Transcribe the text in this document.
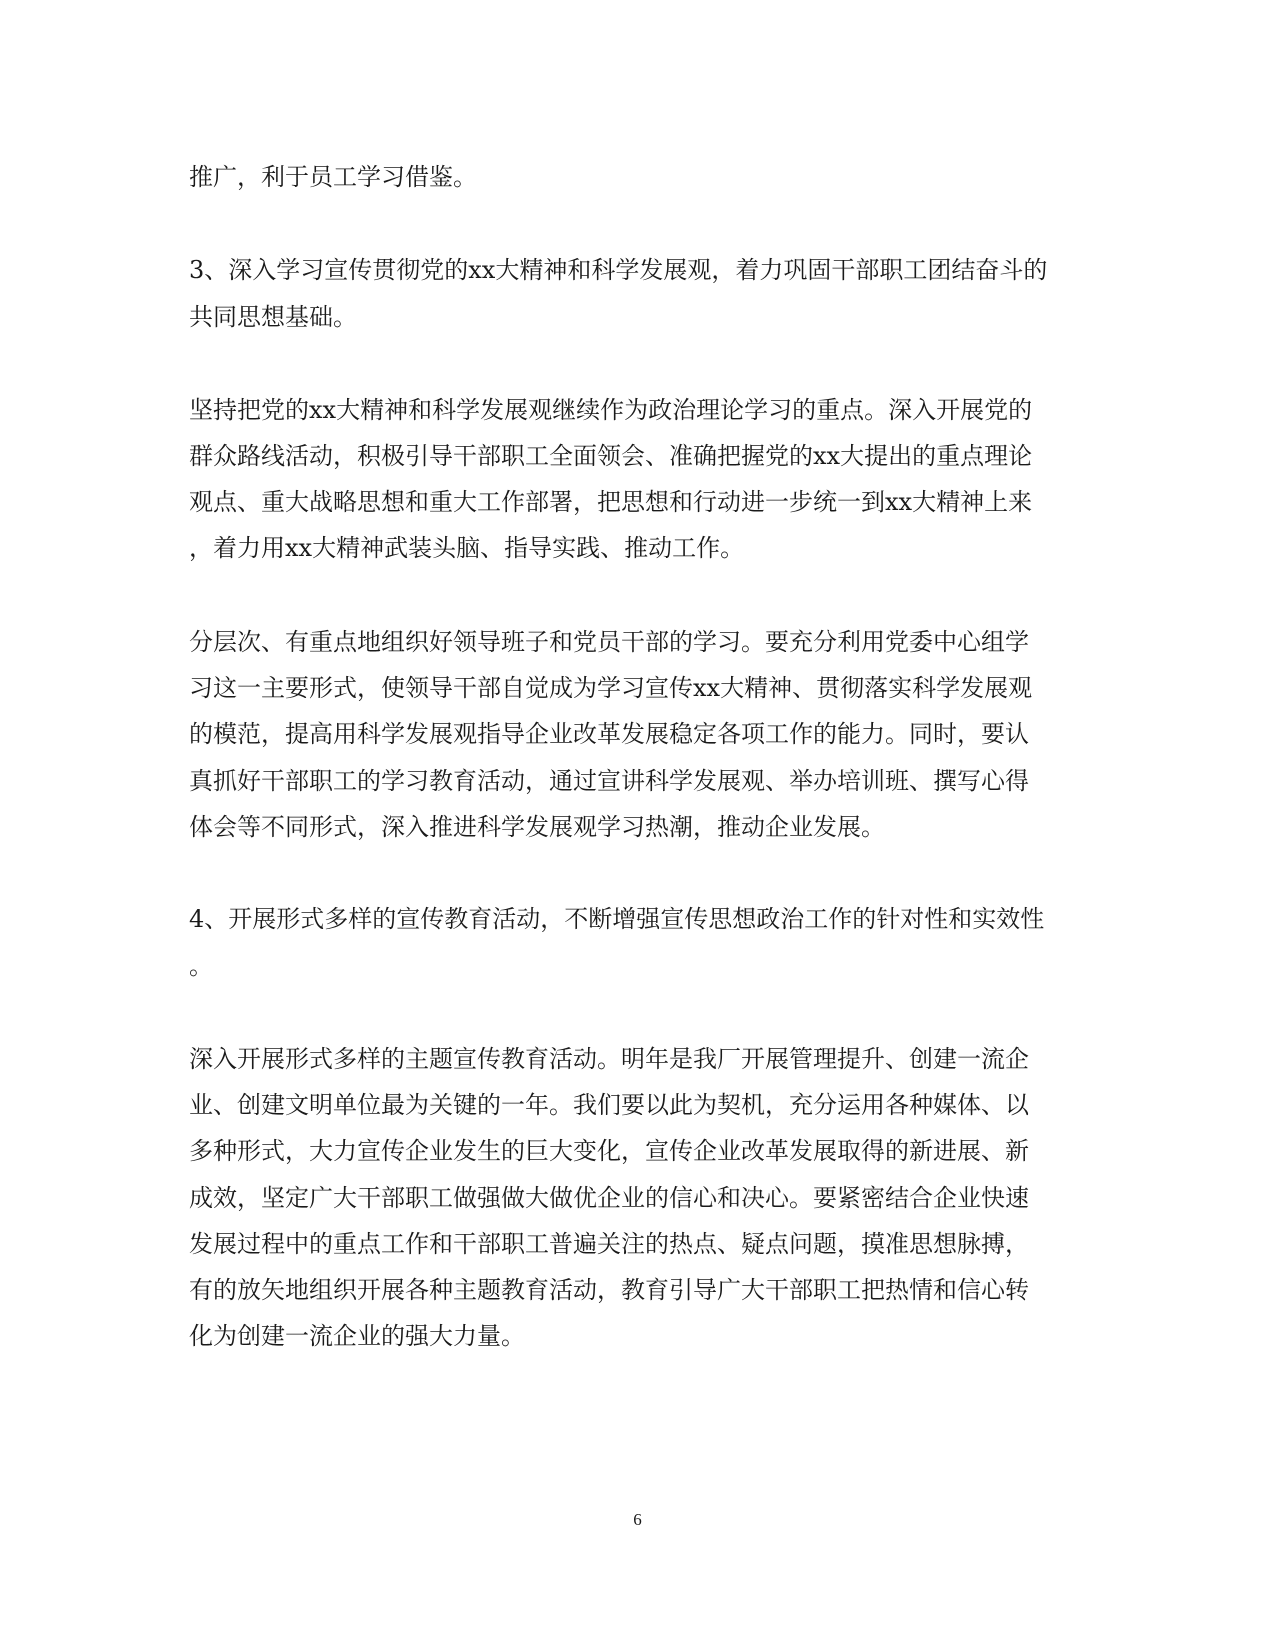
推广，利于员工学习借鉴。
3、深入学习宣传贯彻党的xx大精神和科学发展观，着力巩固干部职工团结奋斗的
共同思想基础。
坚持把党的xx大精神和科学发展观继续作为政治理论学习的重点。深入开展党的
群众路线活动，积极引导干部职工全面领会、准确把握党的xx大提出的重点理论
观点、重大战略思想和重大工作部署，把思想和行动进一步统一到xx大精神上来
，着力用xx大精神武装头脑、指导实践、推动工作。
分层次、有重点地组织好领导班子和党员干部的学习。要充分利用党委中心组学
习这一主要形式，使领导干部自觉成为学习宣传xx大精神、贯彻落实科学发展观
的模范，提高用科学发展观指导企业改革发展稳定各项工作的能力。同时，要认
真抓好干部职工的学习教育活动，通过宣讲科学发展观、举办培训班、撰写心得
体会等不同形式，深入推进科学发展观学习热潮，推动企业发展。
4、开展形式多样的宣传教育活动，不断增强宣传思想政治工作的针对性和实效性
。
深入开展形式多样的主题宣传教育活动。明年是我厂开展管理提升、创建一流企
业、创建文明单位最为关键的一年。我们要以此为契机，充分运用各种媒体、以
多种形式，大力宣传企业发生的巨大变化，宣传企业改革发展取得的新进展、新
成效，坚定广大干部职工做强做大做优企业的信心和决心。要紧密结合企业快速
发展过程中的重点工作和干部职工普遍关注的热点、疑点问题，摸准思想脉搏，
有的放矢地组织开展各种主题教育活动，教育引导广大干部职工把热情和信心转
化为创建一流企业的强大力量。
6
